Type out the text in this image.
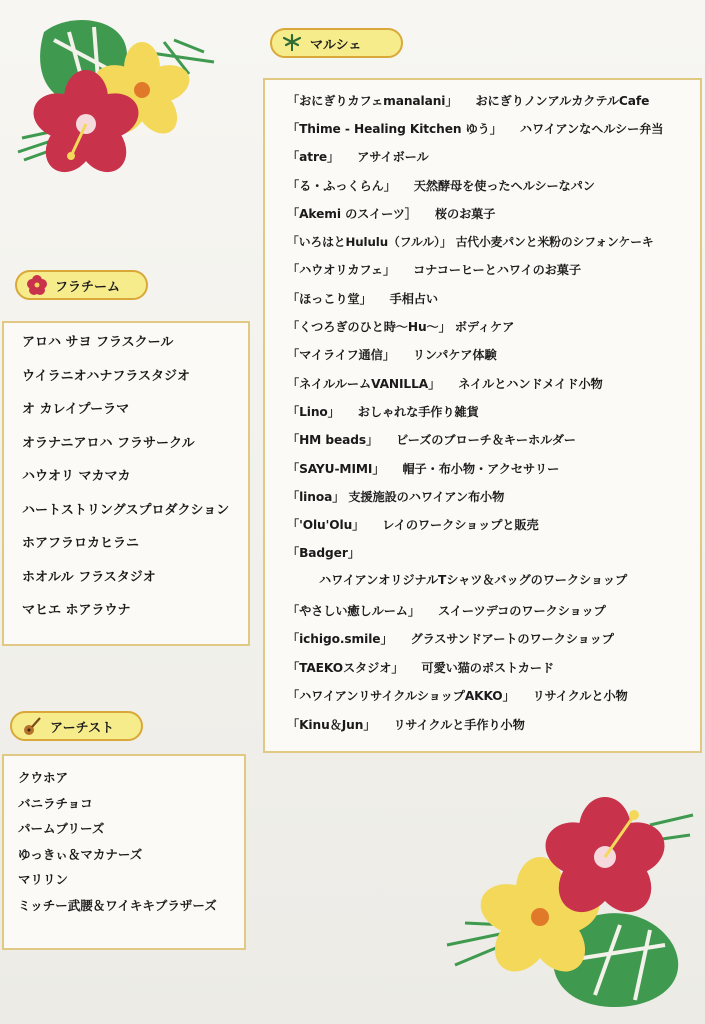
マルシェ
「おにぎりカフェmanalani」 おにぎりノンアルカクテルCafe
「Thime - Healing Kitchen ゆう」 ハワイアンなヘルシー弁当
「atre」 アサイボール
「る・ふっくらん」 天然酵母を使ったヘルシーなパン
「Akemi のスイーツ］ 桜のお菓子
「いろはとHululu（フルル）」 古代小麦パンと米粉のシフォンケーキ
「ハウオリカフェ」 コナコーヒーとハワイのお菓子
「ほっこり堂」 手相占い
「くつろぎのひと時～Hu～」 ボディケア
「マイライフ通信」 リンパケア体験
「ネイルルームVANILLA」 ネイルとハンドメイド小物
「Lino」 おしゃれな手作り雑貨
「HM beads」 ビーズのブローチ＆キーホルダー
「SAYU-MIMI」 帽子・布小物・アクセサリー
「linoa」 支援施設のハワイアン布小物
「'Olu'Olu」 レイのワークショップと販売
「Badger」
ハワイアンオリジナルTシャツ＆バッグのワークショップ
「やさしい癒しルーム」 スイーツデコのワークショップ
「ichigo.smile」 グラスサンドアートのワークショップ
「TAEKOスタジオ」 可愛い猫のポストカード
「ハワイアンリサイクルショップAKKO」 リサイクルと小物
「Kinu＆Jun」 リサイクルと手作り小物
フラチーム
アロハ サヨ フラスクール
ウイラニオハナフラスタジオ
オ カレイプーラマ
オラナニアロハ フラサークル
ハウオリ マカマカ
ハートストリングスプロダクション
ホアフラロカヒラニ
ホオルル フラスタジオ
マヒエ ホアラウナ
アーチスト
クウホア
バニラチョコ
パームブリーズ
ゆっきぃ＆マカナーズ
マリリン
ミッチー武腰＆ワイキキブラザーズ
